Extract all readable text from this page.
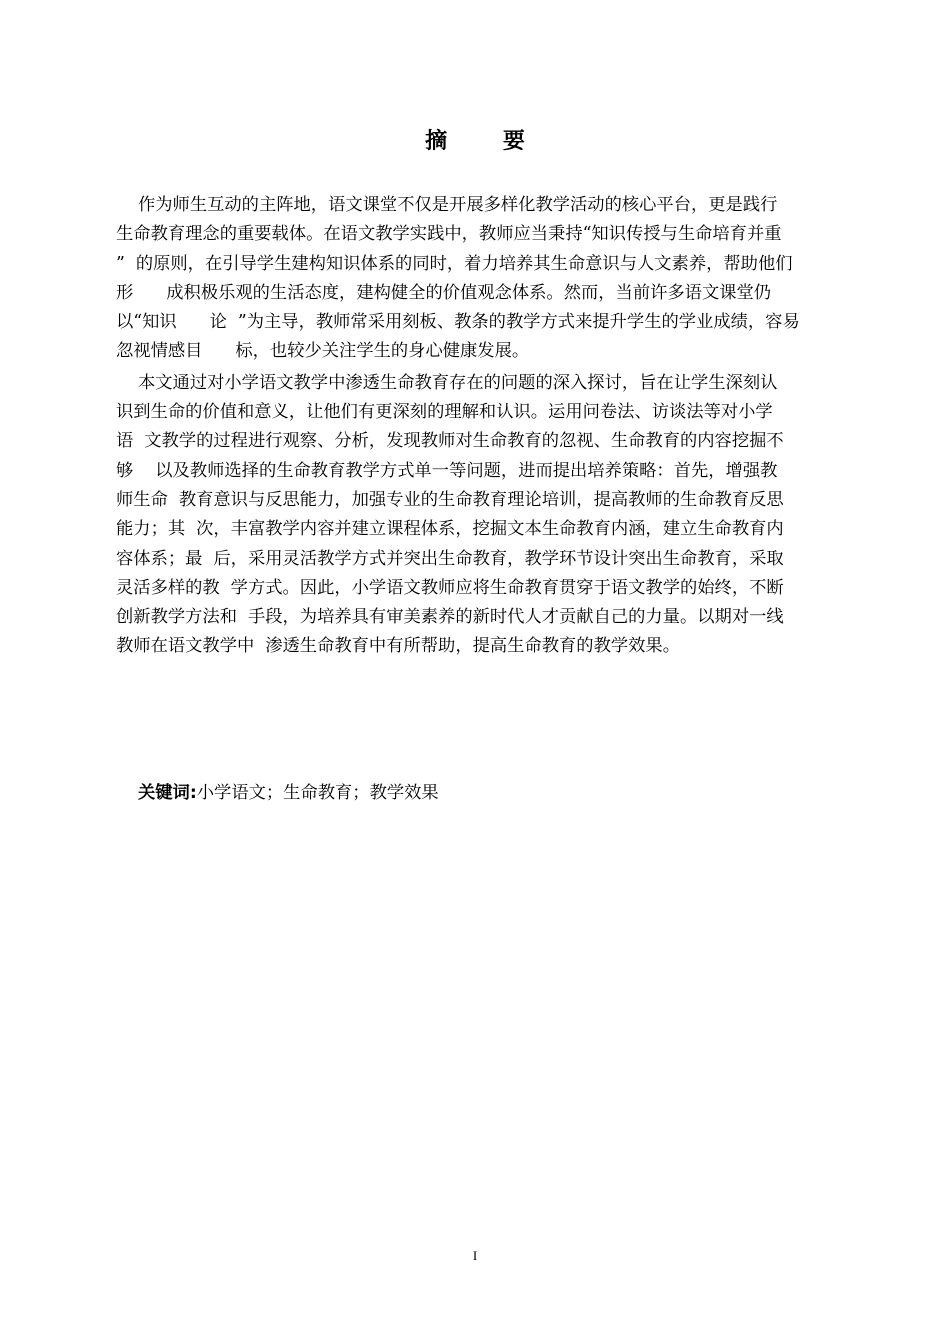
摘 要
作为师生互动的主阵地，语文课堂不仅是开展多样化教学活动的核心平台，更是践行
生命教育理念的重要载体。在语文教学实践中，教师应当秉持“知识传授与生命培育并重
”  的原则，在引导学生建构知识体系的同时，着力培养其生命意识与人文素养，帮助他们
形      成积极乐观的生活态度，建构健全的价值观念体系。然而，当前许多语文课堂仍
以“知识      论  ”为主导，教师常采用刻板、教条的教学方式来提升学生的学业成绩，容易
忽视情感目      标，也较少关注学生的身心健康发展。
本文通过对小学语文教学中渗透生命教育存在的问题的深入探讨，旨在让学生深刻认
识到生命的价值和意义，让他们有更深刻的理解和认识。运用问卷法、访谈法等对小学
语  文教学的过程进行观察、分析，发现教师对生命教育的忽视、生命教育的内容挖掘不
够    以及教师选择的生命教育教学方式单一等问题，进而提出培养策略：首先，增强教
师生命  教育意识与反思能力，加强专业的生命教育理论培训，提高教师的生命教育反思
能力；其  次，丰富教学内容并建立课程体系，挖掘文本生命教育内涵，建立生命教育内
容体系；最  后，采用灵活教学方式并突出生命教育，教学环节设计突出生命教育，采取
灵活多样的教  学方式。因此，小学语文教师应将生命教育贯穿于语文教学的始终，不断
创新教学方法和  手段，为培养具有审美素养的新时代人才贡献自己的力量。以期对一线
教师在语文教学中  渗透生命教育中有所帮助，提高生命教育的教学效果。

关键词:小学语文；生命教育；教学效果

I
